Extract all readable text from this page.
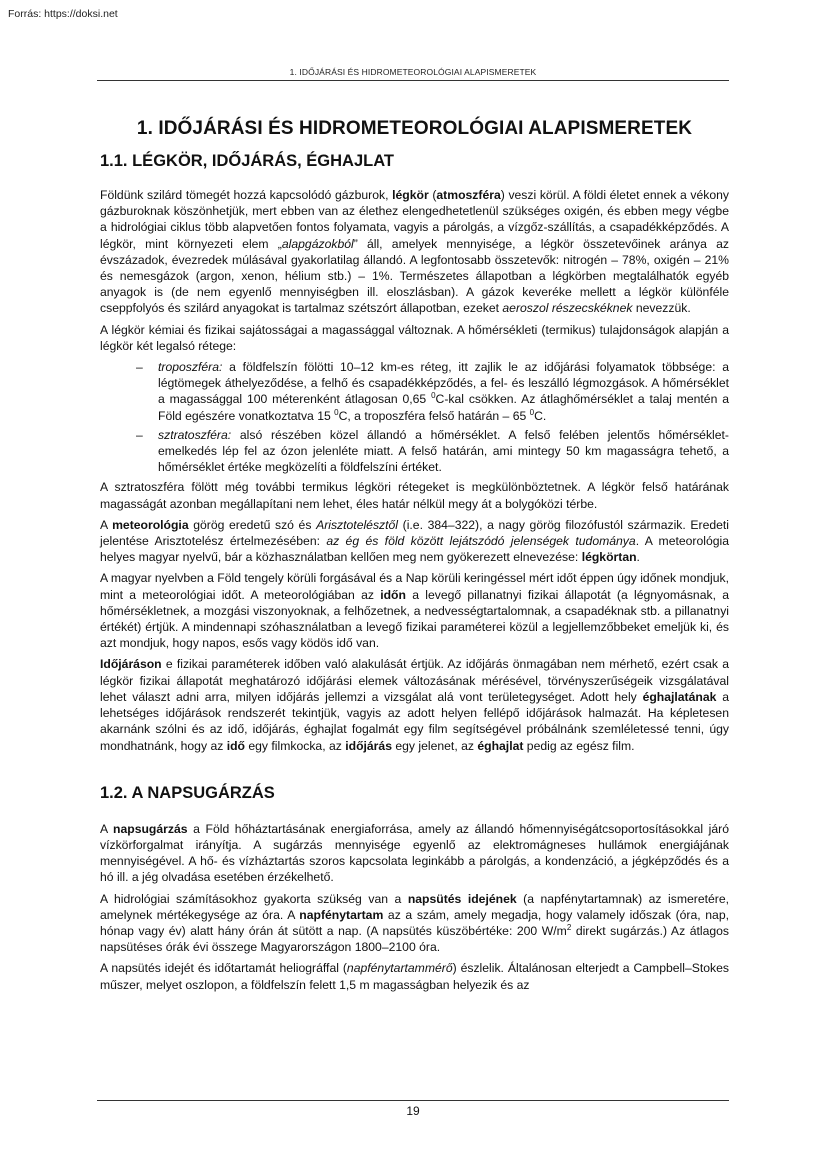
Forrás: https://doksi.net
1. IDŐJÁRÁSI ÉS HIDROMETEOROLÓGIAI ALAPISMERETEK
1. IDŐJÁRÁSI ÉS HIDROMETEOROLÓGIAI ALAPISMERETEK
1.1. LÉGKÖR, IDŐJÁRÁS, ÉGHAJLAT

Földünk szilárd tömegét hozzá kapcsolódó gázburok, légkör (atmoszféra) veszi körül. A földi életet ennek a vékony gázburoknak köszönhetjük, mert ebben van az élethez elengedhetetlenül szükséges oxigén, és ebben megy végbe a hidrológiai ciklus több alapvetően fontos folyamata, vagyis a párolgás, a vízgőz-szállítás, a csapadékképződés. A légkör, mint környezeti elem „alapgázokból” áll, amelyek mennyisége, a légkör összetevőinek aránya az évszázadok, évezredek múlásával gyakorlatilag állandó. A legfontosabb összetevők: nitrogén – 78%, oxigén – 21% és nemesgázok (argon, xenon, hélium stb.) – 1%. Természetes állapotban a légkörben megtalálhatók egyéb anyagok is (de nem egyenlő mennyiségben ill. eloszlásban). A gázok keveréke mellett a légkör különféle cseppfolyós és szilárd anyagokat is tartalmaz szétszórt állapotban, ezeket aeroszol részecskéknek nevezzük.

A légkör kémiai és fizikai sajátosságai a magassággal változnak. A hőmérsékleti (termikus) tulajdonságok alapján a légkör két legalsó rétege:

– troposzféra: a földfelszín fölötti 10–12 km-es réteg, itt zajlik le az időjárási folyamatok többsége: a légtömegek áthelyeződése, a felhő és csapadékképződés, a fel- és leszálló légmozgások. A hőmérséklet a magassággal 100 méterenként átlagosan 0,65 $^0$C-kal csökken. Az átlaghőmérséklet a talaj mentén a Föld egészére vonatkoztatva 15 $^0$C, a troposzféra felső határán – 65 $^0$C.
– sztratoszféra: alsó részében közel állandó a hőmérséklet. A felső felében jelentős hőmérséklet-emelkedés lép fel az ózon jelenléte miatt. A felső határán, ami mintegy 50 km magasságra tehető, a hőmérséklet értéke megközelíti a földfelszíni értéket.

A sztratoszféra fölött még további termikus légköri rétegeket is megkülönböztetnek. A légkör felső határának magasságát azonban megállapítani nem lehet, éles határ nélkül megy át a bolygóközi térbe.

A meteorológia görög eredetű szó és Arisztotelésztől (i.e. 384–322), a nagy görög filozófustól származik. Eredeti jelentése Arisztotelész értelmezésében: az ég és föld között lejátszódó jelenségek tudománya. A meteorológia helyes magyar nyelvű, bár a közhasználatban kellően meg nem gyökerezett elnevezése: légkörtan.

A magyar nyelvben a Föld tengely körüli forgásával és a Nap körüli keringéssel mért időt éppen úgy időnek mondjuk, mint a meteorológiai időt. A meteorológiában az időn a levegő pillanatnyi fizikai állapotát (a légnyomásnak, a hőmérsékletnek, a mozgási viszonyoknak, a felhőzetnek, a nedvességtartalomnak, a csapadéknak stb. a pillanatnyi értékét) értjük. A mindennapi szóhasználatban a levegő fizikai paraméterei közül a legjellemzőbbeket emeljük ki, és azt mondjuk, hogy napos, esős vagy ködös idő van.

Időjáráson e fizikai paraméterek időben való alakulását értjük. Az időjárás önmagában nem mérhető, ezért csak a légkör fizikai állapotát meghatározó időjárási elemek változásának mérésével, törvényszerűségeik vizsgálatával lehet választ adni arra, milyen időjárás jellemzi a vizsgálat alá vont területegységet. Adott hely éghajlatának a lehetséges időjárások rendszerét tekintjük, vagyis az adott helyen fellépő időjárások halmazát. Ha képletesen akarnánk szólni és az idő, időjárás, éghajlat fogalmát egy film segítségével próbálnánk szemléletessé tenni, úgy mondhatnánk, hogy az idő egy filmkocka, az időjárás egy jelenet, az éghajlat pedig az egész film.

1.2. A NAPSUGÁRZÁS

A napsugárzás a Föld hőháztartásának energiaforrása, amely az állandó hőmennyiségátcsoportosításokkal járó vízkörforgalmat irányítja. A sugárzás mennyisége egyenlő az elektromágneses hullámok energiájának mennyiségével. A hő- és vízháztartás szoros kapcsolata leginkább a párolgás, a kondenzáció, a jégképződés és a hó ill. a jég olvadása esetében érzékelhető.

A hidrológiai számításokhoz gyakorta szükség van a napsütés idejének (a napfénytartamnak) az ismeretére, amelynek mértékegysége az óra. A napfénytartam az a szám, amely megadja, hogy valamely időszak (óra, nap, hónap vagy év) alatt hány órán át sütött a nap. (A napsütés küszöbértéke: 200 $W/m^2$ direkt sugárzás.) Az átlagos napsütéses órák évi összege Magyarországon 1800–2100 óra.

A napsütés idejét és időtartamát heliográffal (napfénytartammérő) észlelik. Általánosan elterjedt a Campbell–Stokes műszer, melyet oszlopon, a földfelszín felett 1,5 m magasságban helyezik és az

19
